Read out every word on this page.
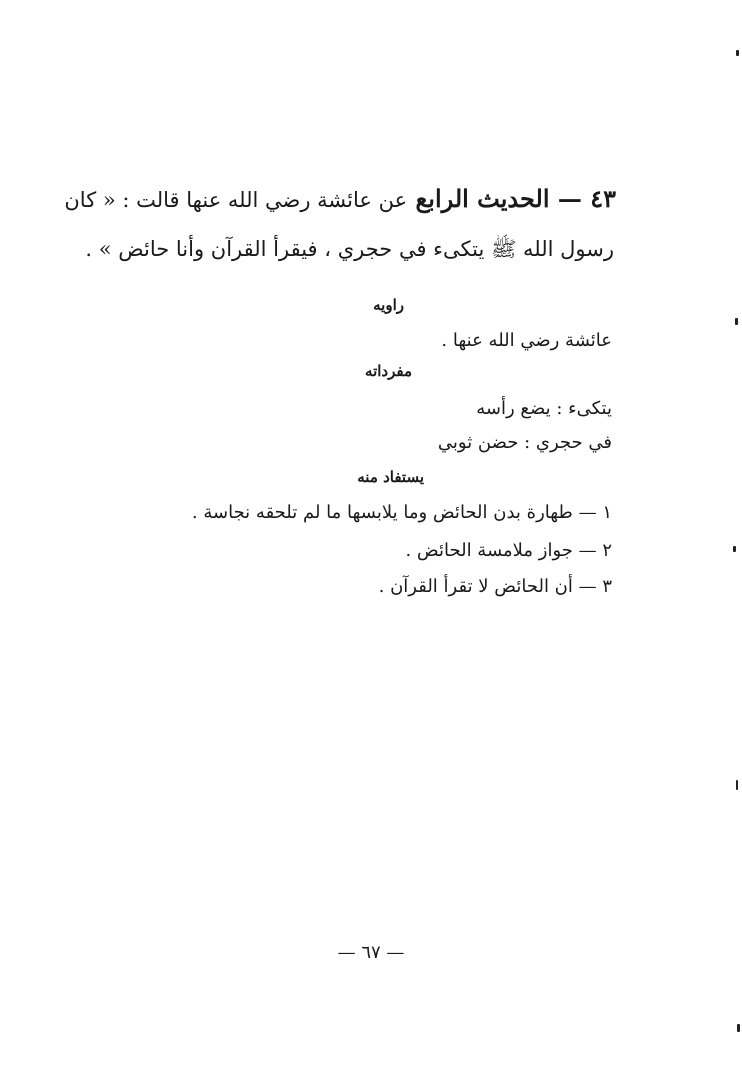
٤٣ — الحديث الرابع عن عائشة رضي الله عنها قالت : « كان
رسول الله ﷺ يتكىء في حجري ، فيقرأ القرآن وأنا حائض » .
راويه
عائشة رضي الله عنها .
مفرداته
يتكىء : يضع رأسه
في حجري : حضن ثوبي
يستفاد منه
١ — طهارة بدن الحائض وما يلابسها ما لم تلحقه نجاسة .
٢ — جواز ملامسة الحائض .
٣ — أن الحائض لا تقرأ القرآن .
— ٦٧ —
